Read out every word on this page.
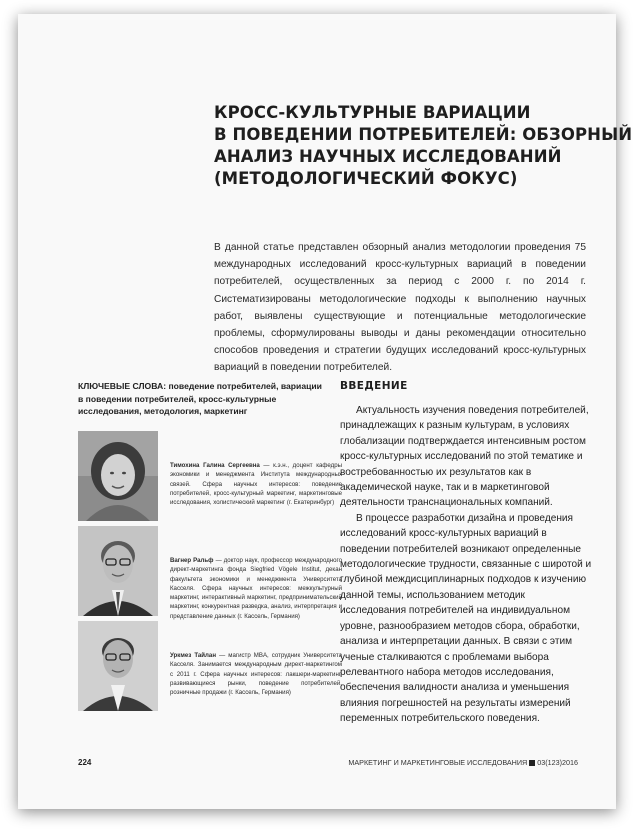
КРОСС-КУЛЬТУРНЫЕ ВАРИАЦИИ
В ПОВЕДЕНИИ ПОТРЕБИТЕЛЕЙ: ОБЗОРНЫЙ
АНАЛИЗ НАУЧНЫХ ИССЛЕДОВАНИЙ
(МЕТОДОЛОГИЧЕСКИЙ ФОКУС)

В данной статье представлен обзорный анализ методологии проведения 75 международных исследований кросс-культурных вариаций в поведении потребителей, осуществленных за период с 2000 г. по 2014 г. Систематизированы методологические подходы к выполнению научных работ, выявлены существующие и потенциальные методологические проблемы, сформулированы выводы и даны рекомендации относительно способов проведения и стратегии будущих исследований кросс-культурных вариаций в поведении потребителей.

КЛЮЧЕВЫЕ СЛОВА: поведение потребителей, вариации в поведении потребителей, кросс-культурные исследования, методология, маркетинг

Тимохина Галина Сергеевна — к.э.н., доцент кафедры экономики и менеджмента Института международных связей. Сфера научных интересов: поведение потребителей, кросс-культурный маркетинг, маркетинговые исследования, холистический маркетинг (г. Екатеринбург)

Вагнер Ральф — доктор наук, профессор международного директ-маркетинга фонда Siegfried Vögele Institut, декан факультета экономики и менеджмента Университета Касселя. Сфера научных интересов: межкультурный маркетинг, интерактивный маркетинг, предпринимательский маркетинг, конкурентная разведка, анализ, интерпретация и представление данных (г. Кассель, Германия)

Уркмез Тайлан — магистр MBA, сотрудник Университета Касселя. Занимается международным директ-маркетингом с 2011 г. Сфера научных интересов: лакшери-маркетинг, развивающиеся рынки, поведение потребителей, розничные продажи (г. Кассель, Германия)

ВВЕДЕНИЕ

Актуальность изучения поведения потребителей, принадлежащих к разным культурам, в условиях глобализации подтверждается интенсивным ростом кросс-культурных исследований по этой тематике и востребованностью их результатов как в академической науке, так и в маркетинговой деятельности транснациональных компаний.

В процессе разработки дизайна и проведения исследований кросс-культурных вариаций в поведении потребителей возникают определенные методологические трудности, связанные с широтой и глубиной междисциплинарных подходов к изучению данной темы, использованием методик исследования потребителей на индивидуальном уровне, разнообразием методов сбора, обработки, анализа и интерпретации данных. В связи с этим ученые сталкиваются с проблемами выбора релевантного набора методов исследования, обеспечения валидности анализа и уменьшения влияния погрешностей на результаты измерений переменных потребительского поведения.

224	МАРКЕТИНГ И МАРКЕТИНГОВЫЕ ИССЛЕДОВАНИЯ 03(123)2016
